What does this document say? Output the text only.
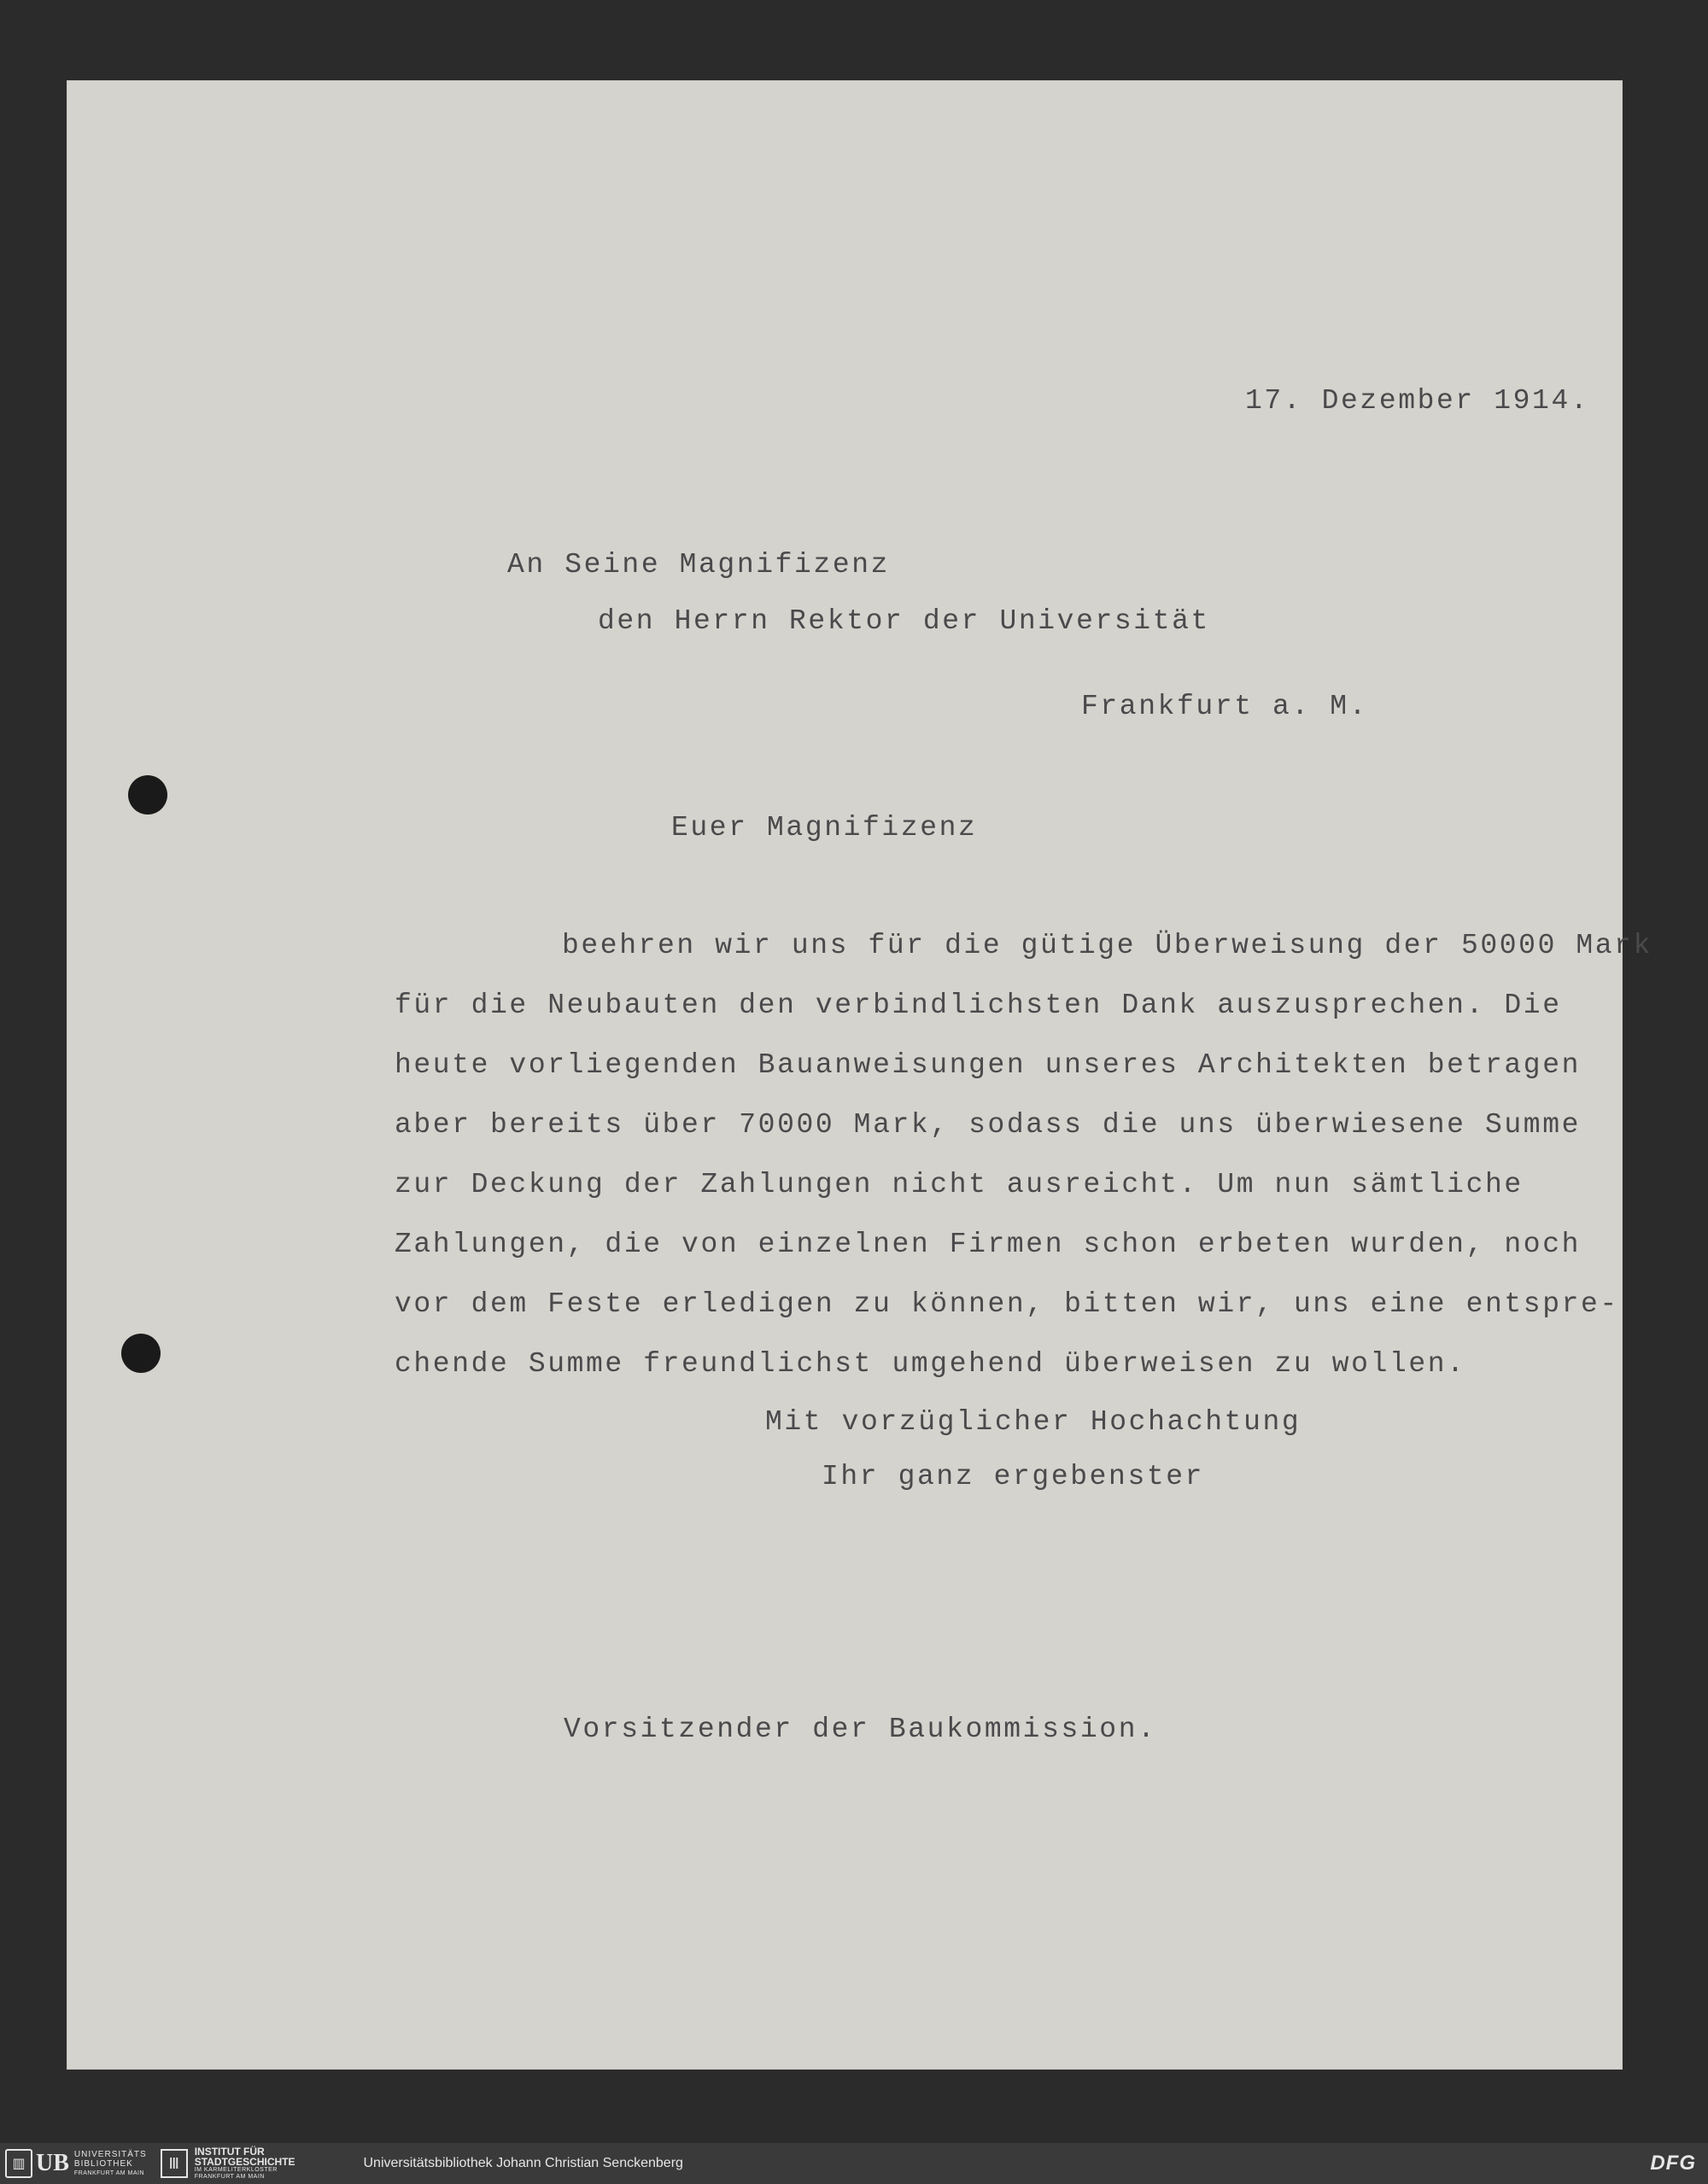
17. Dezember 1914.
An Seine Magnifizenz
den Herrn Rektor der Universität
Frankfurt a. M.
Euer Magnifizenz
beehren wir uns für die gütige Überweisung der 50000 Mark
für die Neubauten den verbindlichsten Dank auszusprechen. Die
heute vorliegenden Bauanweisungen unseres Architekten betragen
aber bereits über 70000 Mark, sodass die uns überwiesene Summe
zur Deckung der Zahlungen nicht ausreicht. Um nun sämtliche
Zahlungen, die von einzelnen Firmen schon erbeten wurden, noch
vor dem Feste erledigen zu können, bitten wir, uns eine entspre-
chende Summe freundlichst umgehend überweisen zu wollen.
Mit vorzüglicher Hochachtung
Ihr ganz ergebenster
Vorsitzender der Baukommission.
▥ UB UNIVERSITÄTS
BIBLIOTHEK
FRANKFURT AM MAIN
Ⅲ
INSTITUT FÜR
STADTGESCHICHTE
IM KARMELITERKLOSTER
FRANKFURT AM MAIN
Universitätsbibliothek Johann Christian Senckenberg	DFG
